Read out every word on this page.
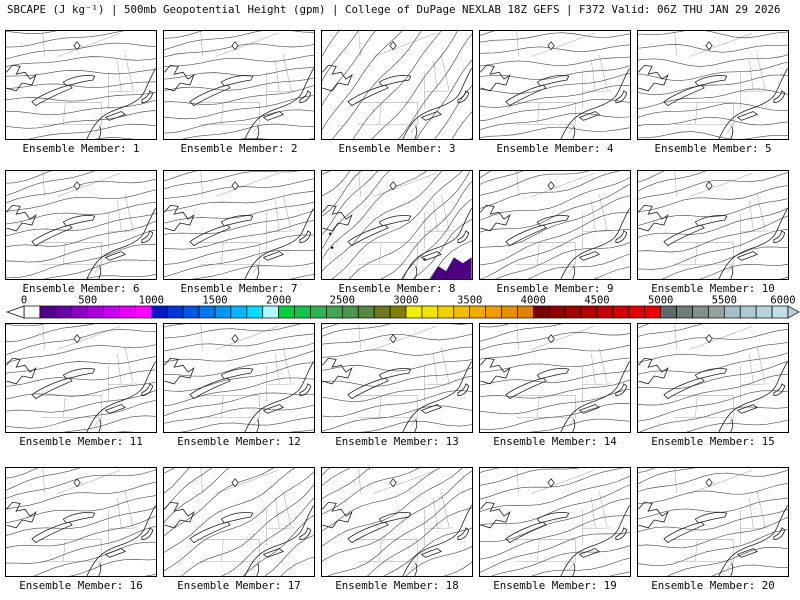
SBCAPE (J kg⁻¹) | 500mb Geopotential Height (gpm) | College of DuPage NEXLAB 18Z GEFS | F372 Valid: 06Z THU JAN 29 2026
Ensemble Member: 1	Ensemble Member: 2	Ensemble Member: 3	Ensemble Member: 4	Ensemble Member: 5
Ensemble Member: 6	Ensemble Member: 7	Ensemble Member: 8	Ensemble Member: 9	Ensemble Member: 10
Ensemble Member: 11	Ensemble Member: 12	Ensemble Member: 13	Ensemble Member: 14	Ensemble Member: 15
Ensemble Member: 16	Ensemble Member: 17	Ensemble Member: 18	Ensemble Member: 19	Ensemble Member: 20
0	500	1000	1500	2000	2500	3000	3500	4000	4500	5000	5500	6000
